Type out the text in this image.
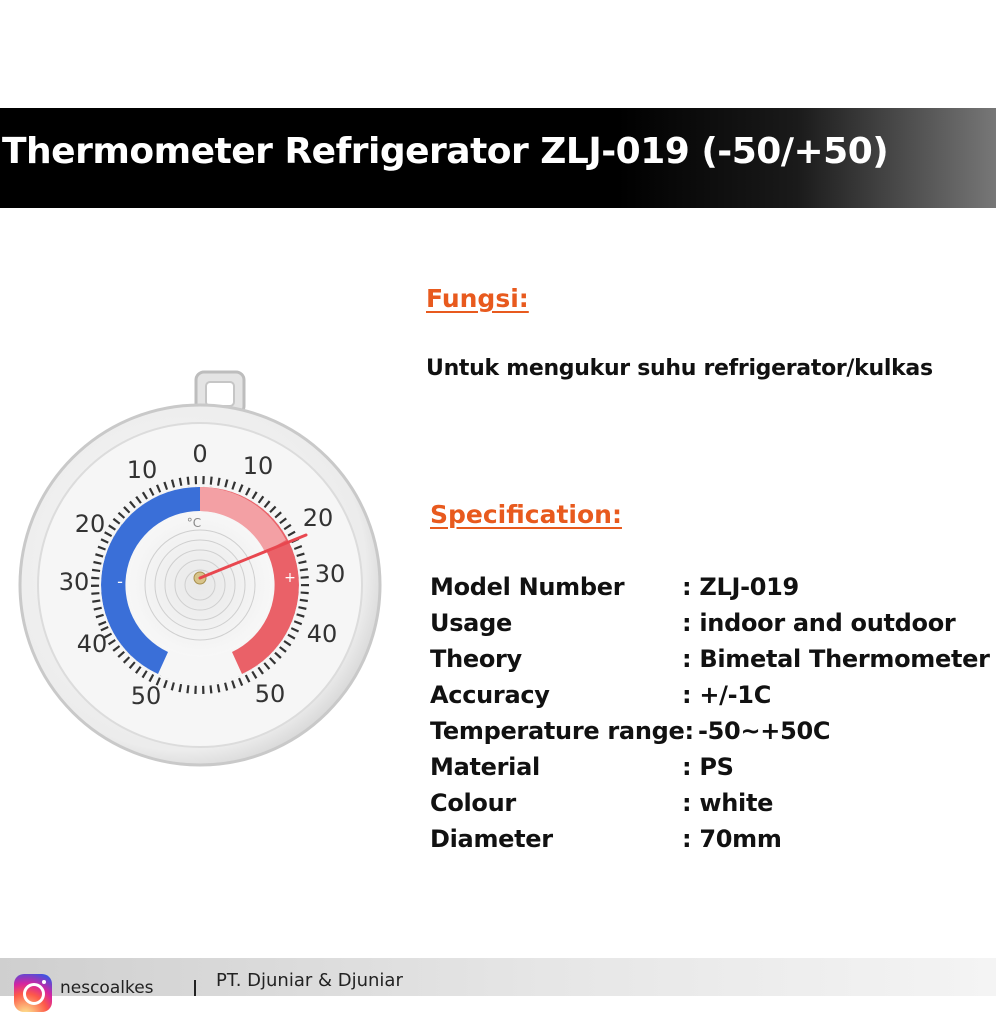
Thermometer Refrigerator ZLJ-019 (-50/+50)
0
10	10
20	20
30	30
40	40
50	50
°C
-	+
Fungsi:
Untuk mengukur suhu refrigerator/kulkas
Specification:
Model Number : ZLJ-019
Usage	: indoor and outdoor
Theory	: Bimetal Thermometer
Accuracy	: +/-1C
Temperature range: -50~+50C
Material	: PS
Colour	: white
Diameter	: 70mm
nescoalkes	PT. Djuniar & Djuniar
